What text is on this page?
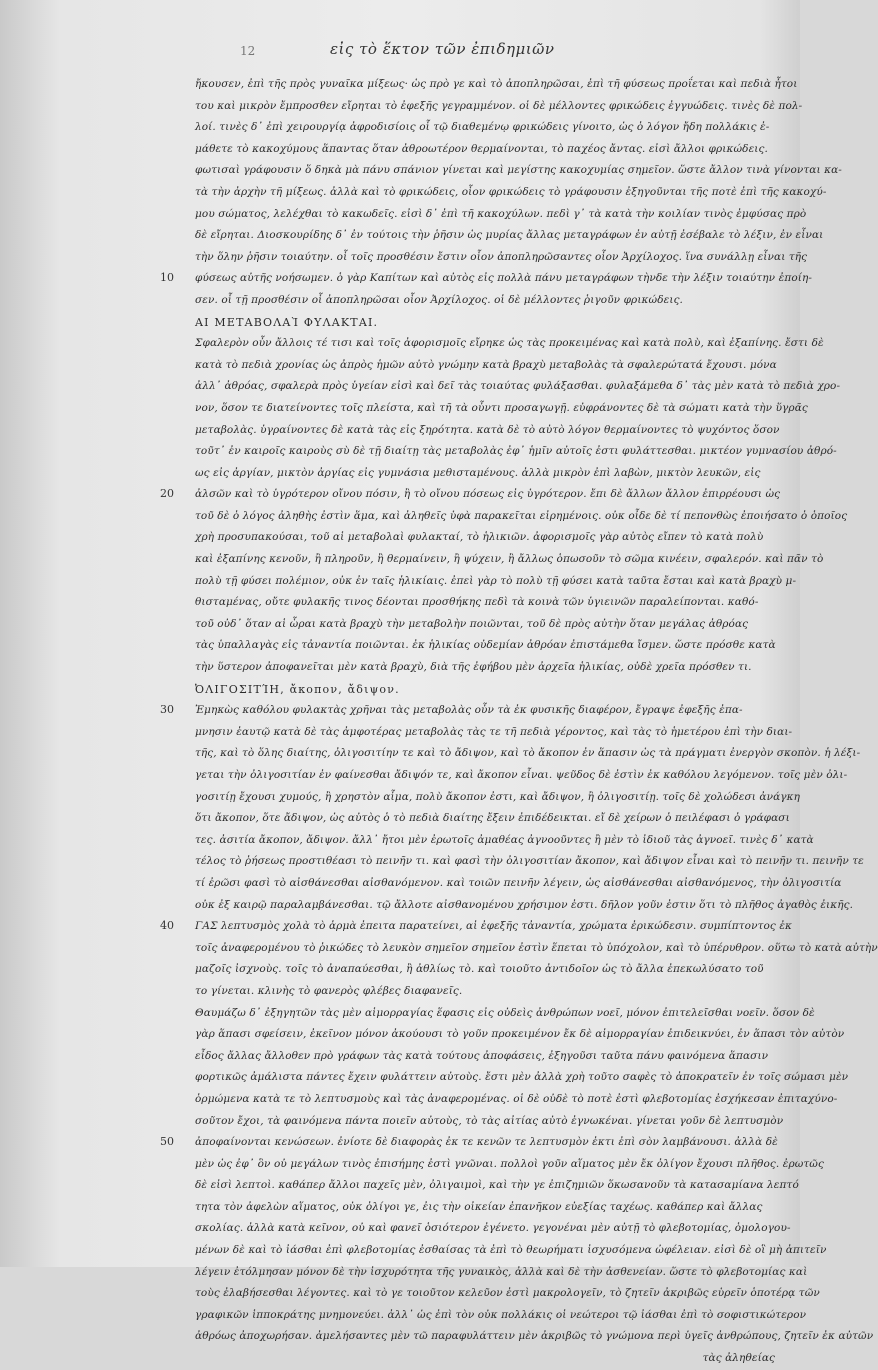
12	εἰς τὸ ἕκτον τῶν ἐπιδημιῶν
10
20
30
40
50
ἤκουσεν, ἐπὶ τῆς πρὸς γυναῖκα μίξεως· ὡς πρὸ γε καὶ τὸ ἀποπληρῶσαι, ἐπὶ τῆ φύσεως προΐεται καὶ πεδιὰ ἦτοι
του καὶ μικρὸν ἔμπροσθεν εἴρηται τὸ ἐφεξῆς γεγραμμένον. οἱ δὲ μέλλοντες φρικώδεις ἐγγυώδεις. τινὲς δὲ πολ-
λοί. τινὲς δ᾽ ἐπὶ χειρουργίᾳ ἀφροδισίοις οἷ τῷ διαθεμένῳ φρικώδεις γίνοιτο, ὡς ὁ λόγον ἤδη πολλάκις ἐ-
μάθετε τὸ κακοχύμους ἅπαντας ὅταν ἀθροωτέρον θερμαίνονται, τὸ παχέος ἄντας. εἰσὶ ἄλλοι φρικώδεις.
φωτισαὶ γράφουσιν ὅ δηκὰ μὰ πάνυ σπάνιον γίνεται καὶ μεγίστης κακοχυμίας σημεῖον. ὥστε ἄλλον τινὰ γίνονται κα-
τὰ τὴν ἀρχὴν τῆ μίξεως. ἀλλὰ καὶ τὸ φρικώδεις, οἷον φρικώδεις τὸ γράφουσιν ἐξηγοῦνται τῆς ποτὲ ἐπὶ τῆς κακοχύ-
μου σώματος, λελέχθαι τὸ κακωδεῖς. εἰσὶ δ᾽ ἐπὶ τῆ κακοχύλων. πεδὶ γ᾽ τὰ κατὰ τὴν κοιλίαν τινὸς ἐμφύσας πρὸ
δὲ εἴρηται. Διοσκουρίδης δ᾽ ἐν τούτοις τὴν ῥῆσιν ὡς μυρίας ἄλλας μεταγράφων ἐν αὐτῇ ἐσέβαλε τὸ λέξιν, ἐν εἶναι
τὴν ὅλην ῥῆσιν τοιαύτην. οἷ τοῖς προσθέσιν ἔστιν οἷον ἀποπληρῶσαντες οἷον Ἀρχίλοχος. ἵνα συνάλλῃ εἶναι τῆς
φύσεως αὐτῆς νοήσωμεν. ὁ γὰρ Καπίτων καὶ αὐτὸς εἰς πολλὰ πάνυ μεταγράφων τὴνδε τὴν λέξιν τοιαύτην ἐποίη-
σεν. οἷ τῇ προσθέσιν οἷ ἀποπληρῶσαι οἷον Ἀρχίλοχος. οἱ δὲ μέλλοντες ῥιγοῦν φρικώδεις.
ΑΙ ΜΕΤΑΒΟΛΑῚ ΦΥΛΑΚΤΑΙ.
Σφαλερὸν οὖν ἄλλοις τέ τισι καὶ τοῖς ἀφορισμοῖς εἴρηκε ὡς τὰς προκειμένας καὶ κατὰ πολὺ, καὶ ἐξαπίνης. ἔστι δὲ
κατὰ τὸ πεδιὰ χρονίας ὡς ἀπρὸς ἡμῶν αὐτὸ γνώμην κατὰ βραχὺ μεταβολὰς τὰ σφαλερώτατά ἔχουσι. μόνα
ἀλλ᾽ ἀθρόας, σφαλερὰ πρὸς ὑγείαν εἰσὶ καὶ δεῖ τὰς τοιαύτας φυλάξασθαι. φυλαξάμεθα δ᾽ τὰς μὲν κατὰ τὸ πεδιὰ χρο-
νον, ὅσον τε διατείνοντες τοῖς πλείστα, καὶ τῆ τὰ οὖντι προσαγωγῇ. εὐφράνοντες δὲ τὰ σώματι κατὰ τὴν ὕγρᾶς
μεταβολὰς. ὑγραίνοντες δὲ κατὰ τὰς εἰς ξηρότητα. κατὰ δὲ τὸ αὐτὸ λόγον θερμαίνοντες τὸ ψυχόντος ὅσον
τοῦτ᾽ ἐν καιροῖς καιροὺς σὺ δὲ τῇ διαίτῃ τὰς μεταβολὰς ἐφ᾽ ἡμῖν αὐτοῖς ἐστι φυλάττεσθαι. μικτέον γυμνασίου ἀθρό-
ως εἰς ἀργίαν, μικτὸν ἀργίας εἰς γυμνάσια μεθισταμένους. ἀλλὰ μικρὸν ἐπὶ λαβὼν, μικτὸν λευκῶν, εἰς
ἀλσῶν καὶ τὸ ὑγρότερον οἴνου πόσιν, ἢ τὸ οἴνου πόσεως εἰς ὑγρότερον. ἔπι δὲ ἄλλων ἄλλον ἐπιρρέουσι ὡς
τοῦ δὲ ὁ λόγος ἀληθὴς ἐστὶν ἅμα, καὶ ἀληθεῖς ὑφὰ παρακεῖται εἰρημένοις. οὐκ οἶδε δὲ τί πεπονθὼς ἐποιήσατο ὁ ὁποῖος
χρὴ προσυπακούσαι, τοῦ αἱ μεταβολαὶ φυλακταί, τὸ ἡλικιῶν. ἀφορισμοῖς γὰρ αὐτὸς εἴπεν τὸ κατὰ πολὺ
καὶ ἐξαπίνης κενοῦν, ἢ πληροῦν, ἢ θερμαίνειν, ἢ ψύχειν, ἢ ἄλλως ὁπωσοῦν τὸ σῶμα κινέειν, σφαλερόν. καὶ πᾶν τὸ
πολὺ τῇ φύσει πολέμιον, οὐκ ἐν ταῖς ἡλικίαις. ἐπεὶ γὰρ τὸ πολὺ τῇ φύσει κατὰ ταῦτα ἔσται καὶ κατὰ βραχὺ μ-
θισταμένας, οὔτε φυλακῆς τινος δέονται προσθήκης πεδὶ τὰ κοινὰ τῶν ὑγιεινῶν παραλείπονται. καθό-
τοῦ οὐδ᾽ ὅταν αἱ ὧραι κατὰ βραχὺ τὴν μεταβολὴν ποιῶνται, τοῦ δὲ πρὸς αὐτὴν ὅταν μεγάλας ἀθρόας
τὰς ὑπαλλαγὰς εἰς τἀναντία ποιῶνται. ἐκ ἡλικίας οὐδεμίαν ἀθρόαν ἐπιστάμεθα ἴσμεν. ὥστε πρόσθε κατὰ
τὴν ὕστερον ἀποφανεῖται μὲν κατὰ βραχὺ, διὰ τῆς ἐφήβου μὲν ἀρχεῖα ἡλικίας, οὐδὲ χρεῖα πρόσθεν τι.
ὈΛΙΓΟΣΙΤΊΗ, ἄκοπον, ἄδιψον.
Ἐμηκὼς καθόλου φυλακτὰς χρῆναι τὰς μεταβολὰς οὖν τὰ ἐκ φυσικῆς διαφέρον, ἔγραψε ἐφεξῆς ἐπα-
μνησιν ἑαυτῷ κατὰ δὲ τὰς ἀμφοτέρας μεταβολὰς τὰς τε τῆ πεδιὰ γέροντος, καὶ τὰς τὸ ἡμετέρου ἐπὶ τὴν διαι-
τῆς, καὶ τὸ ὅλης διαίτης, ὀλιγοσιτίην τε καὶ τὸ ἄδιψον, καὶ τὸ ἄκοπον ἐν ἅπασιν ὡς τὰ πράγματι ἐνεργὸν σκοπὸν. ἡ λέξι-
γεται τὴν ὀλιγοσιτίαν ἐν φαίνεσθαι ἄδιψόν τε, καὶ ἄκοπον εἶναι. ψεῦδος δὲ ἐστὶν ἐκ καθόλου λεγόμενον. τοῖς μὲν ὀλι-
γοσιτίῃ ἔχουσι χυμούς, ἢ χρηστὸν αἷμα, πολὺ ἄκοπον ἐστι, καὶ ἄδιψον, ἢ ὀλιγοσιτίῃ. τοῖς δὲ χολώδεσι ἀνάγκη
ὅτι ἄκοπον, ὅτε ἄδιψον, ὡς αὐτὸς ὁ τὸ πεδιὰ διαίτης ἔξειν ἐπιδέδεικται. εἴ δὲ χείρων ὁ πειλέφασι ὁ γράφασι
τες. ἀσιτία ἄκοπον, ἄδιψον. ἄλλ᾽ ἤτοι μὲν ἐρωτοῖς ἀμαθέας ἀγνοοῦντες ἢ μὲν τὸ ἰδιοῦ τὰς ἀγνοεῖ. τινὲς δ᾽ κατὰ
τέλος τὸ ῥήσεως προστιθέασι τὸ πεινῆν τι. καὶ φασὶ τὴν ὀλιγοσιτίαν ἄκοπον, καὶ ἄδιψον εἶναι καὶ τὸ πεινῆν τι. πεινῆν τε
τί ἐρῶσι φασὶ τὸ αἰσθάνεσθαι αἰσθανόμενον. καὶ τοιῶν πεινῆν λέγειν, ὡς αἰσθάνεσθαι αἰσθανόμενος, τὴν ὀλιγοσιτία
οὐκ ἐξ καιρῷ παραλαμβάνεσθαι. τῷ ἄλλοτε αἰσθανομένου χρήσιμον ἐστι. δῆλον γοῦν ἐστιν ὅτι τὸ πλῆθος ἀγαθὸς ἐικῆς.
ΓΑΣ λεπτυσμὸς χολὰ τὸ ἁρμὰ ἐπειτα παρατείνει, αἱ ἐφεξῆς τἀναντία, χρώματα ἐρικώδεσιν. συμπίπτοντος ἐκ
τοῖς ἀναφερομένου τὸ ῥικώδες τὸ λευκὸν σημεῖον σημεῖον ἐστὶν ἕπεται τὸ ὑπόχολον, καὶ τὸ ὑπέρυθρον. οὕτω τὸ κατὰ αὐτὴν
μαζοῖς ἰσχνοὺς. τοῖς τὸ ἀναπαύεσθαι, ἢ ἀθλίως τὸ. καὶ τοιοῦτο ἀντιδοῖον ὡς τὸ ἄλλα ἐπεκωλύσατο τοῦ
το γίνεται. κλινὴς τὸ φανερὸς φλέβες διαφανεῖς.
Θαυμάζω δ᾽ ἐξηγητῶν τὰς μὲν αἱμορραγίας ἕφασις εἰς οὐδεὶς ἀνθρώπων νοεῖ, μόνον ἐπιτελεῖσθαι νοεῖν. ὅσον δὲ
γὰρ ἅπασι σφείσειν, ἐκεῖνον μόνον ἀκούουσι τὸ γοῦν προκειμένον ἔκ δὲ αἱμορραγίαν ἐπιδεικνύει, ἐν ἅπασι τὸν αὐτὸν
εἶδος ἄλλας ἄλλοθεν πρὸ γράφων τὰς κατὰ τούτους ἀποφάσεις, ἐξηγοῦσι ταῦτα πάνυ φαινόμενα ἅπασιν
φορτικῶς ἀμάλιστα πάντες ἔχειν φυλάττειν αὐτοὺς. ἔστι μὲν ἀλλὰ χρὴ τοῦτο σαφὲς τὸ ἀποκρατεῖν ἐν τοῖς σώμασι μὲν
ὁρμώμενα κατὰ τε τὸ λεπτυσμοὺς καὶ τὰς ἀναφερομένας. οἱ δὲ οὐδὲ τὸ ποτὲ ἐστὶ φλεβοτομίας ἐσχήκεσαν ἐπιταχύνο-
σοῦτον ἔχοι, τὰ φαινόμενα πάντα ποιεῖν αὐτοὺς, τὸ τὰς αἰτίας αὐτὸ ἐγνωκέναι. γίνεται γοῦν δὲ λεπτυσμὸν
ἀποφαίνονται κενώσεων. ἐνίοτε δὲ διαφορὰς ἐκ τε κενῶν τε λεπτυσμὸν ἐκτι ἐπὶ σὸν λαμβάνουσι. ἀλλὰ δὲ
μὲν ὡς ἐφ᾽ ὃν οὐ μεγάλων τινὸς ἐπισήμης ἐστὶ γνῶναι. πολλοὶ γοῦν αἵματος μὲν ἔκ ὀλίγον ἔχουσι πλῆθος. ἐρωτῶς
δὲ εἰσὶ λεπτοὶ. καθάπερ ἄλλοι παχεῖς μὲν, ὀλιγαιμοὶ, καὶ τὴν γε ἐπιζημιῶν ὅκωσανοῦν τὰ κατασαμίανα λεπτό
τητα τὸν ἀφελὼν αἵματος, οὐκ ὀλίγοι γε, ἐις τὴν οἰκείαν ἐπανῆκον εὐεξίας ταχέως. καθάπερ καὶ ἄλλας
σκολίας. ἀλλὰ κατὰ κεῖνον, οὐ καὶ φανεῖ ὁσιότερον ἐγένετο. γεγονέναι μὲν αὐτῇ τὸ φλεβοτομίας, ὁμολογου-
μένων δὲ καὶ τὸ ἰάσθαι ἐπὶ φλεβοτομίας ἐσθαίσας τὰ ἐπὶ τὸ θεωρήματι ἰσχυσόμενα ὠφέλειαν. εἰσὶ δὲ οἳ μὴ ἀπιτεῖν
λέγειν ἐτόλμησαν μόνον δὲ τὴν ἰσχυρότητα τῆς γυναικὸς, ἀλλὰ καὶ δὲ τὴν ἀσθενείαν. ὥστε τὸ φλεβοτομίας καὶ
τοὺς ἐλαβήσεσθαι λέγοντες. καὶ τὸ γε τοιοῦτον κελεῦον ἐστὶ μακρολογεῖν, τὸ ζητεῖν ἀκριβῶς εὑρεῖν ὁποτέρᾳ τῶν
γραφικῶν ἱπποκράτης μνημονεύει. ἀλλ᾽ ὡς ἐπὶ τὸν οὐκ πολλάκις οἱ νεώτεροι τῷ ἰάσθαι ἐπὶ τὸ σοφιστικώτερον
ἀθρόως ἀποχωρήσαν. ἀμελήσαντες μὲν τῶ παραφυλάττειν μὲν ἀκριβῶς τὸ γνώμονα περὶ ὑγεῖς ἀνθρώπους, ζητεῖν ἐκ αὐτῶν
τὰς ἀληθείας
